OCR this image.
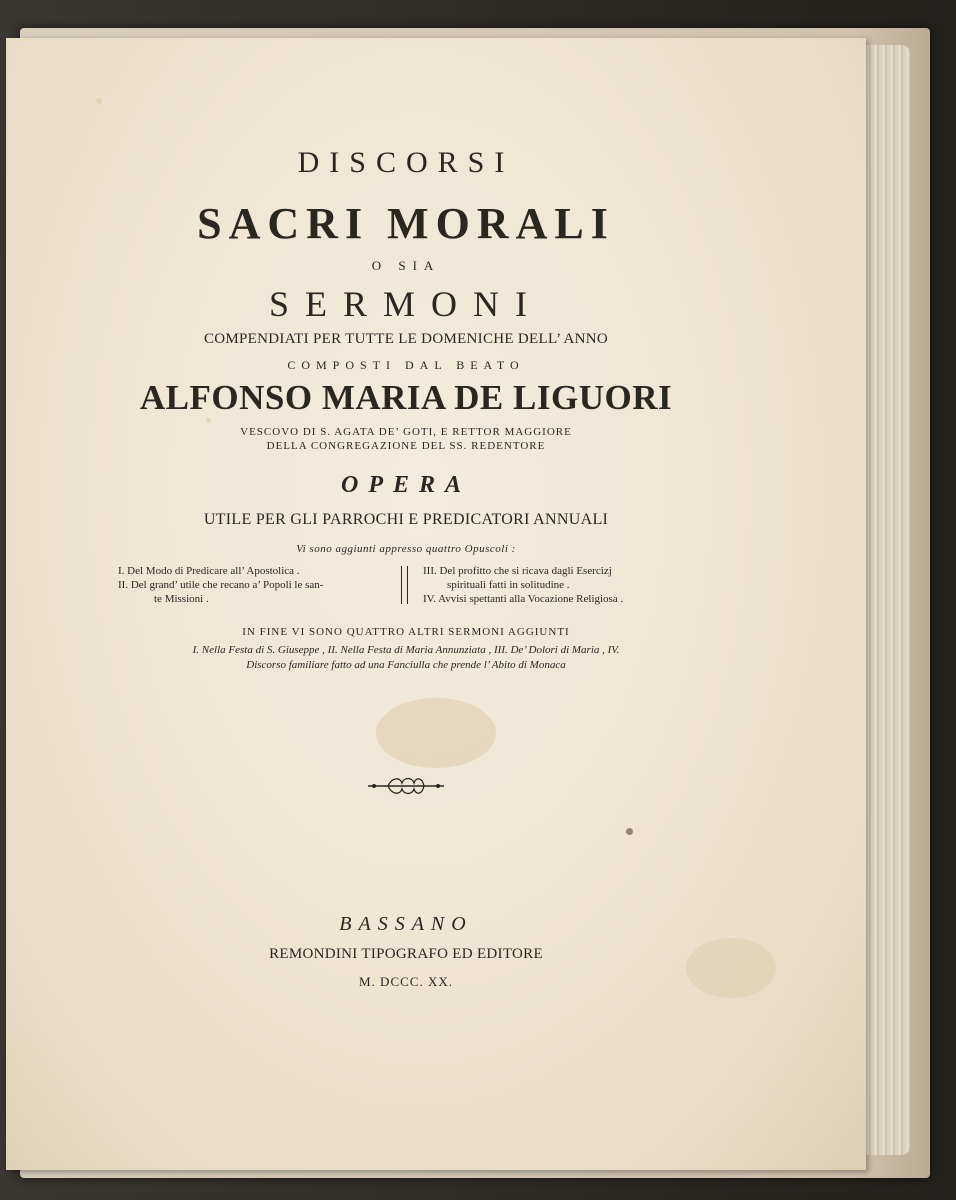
DISCORSI
SACRI MORALI
O SIA
SERMONI
COMPENDIATI PER TUTTE LE DOMENICHE DELL’ ANNO
COMPOSTI DAL BEATO
ALFONSO MARIA DE LIGUORI
VESCOVO DI S. AGATA DE’ GOTI, E RETTOR MAGGIORE
DELLA CONGREGAZIONE DEL SS. REDENTORE
OPERA
UTILE PER GLI PARROCHI E PREDICATORI ANNUALI
Vi sono aggiunti appresso quattro Opuscoli :
I. Del Modo di Predicare all’ Apostolica .
II. Del grand’ utile che recano a’ Popoli le san-
te Missioni .
III. Del profitto che si ricava dagli Esercizj
spirituali fatti in solitudine .
IV. Avvisi spettanti alla Vocazione Religiosa .
IN FINE VI SONO QUATTRO ALTRI SERMONI AGGIUNTI
I. Nella Festa di S. Giuseppe , II. Nella Festa di Maria Annunziata , III. De’ Dolori di Maria , IV.
Discorso familiare fatto ad una Fanciulla che prende l’ Abito di Monaca
BASSANO
REMONDINI TIPOGRAFO ED EDITORE
M. DCCC. XX.
